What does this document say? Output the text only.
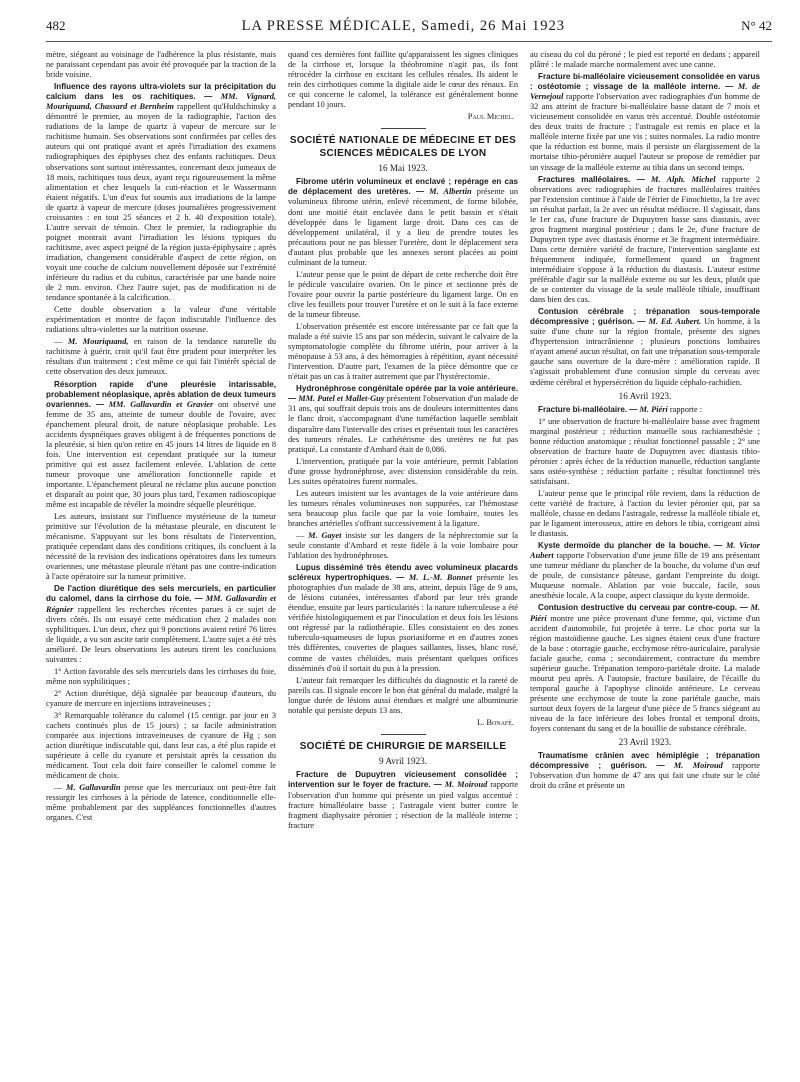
482	LA PRESSE MÉDICALE, Samedi, 26 Mai 1923	N° 42

mètre, siégeant au voisinage de l'adhérence la plus résistante, mais ne paraissant cependant pas avoir été provoquée par la traction de la bride voisine.

Influence des rayons ultra-violets sur la précipitation du calcium dans les os rachitiques. — MM. Vignard, Mouriquand, Chassard et Bernheim rappellent qu'Huldschinsky a démontré le premier, au moyen de la radiographie, l'action des radiations de la lampe de quartz à vapeur de mercure sur le rachitisme humain. Ses observations sont confirmées par celles des auteurs qui ont pratiqué avant et après l'irradiation des examens radiographiques des épiphyses chez des enfants rachitiques. Deux observations sont surtout intéressantes, concernant deux jumeaux de 18 mois, rachitiques tous deux, ayant reçu rigoureusement la même alimentation et chez lesquels la cuti-réaction et le Wassermann étaient négatifs. L'un d'eux fut soumis aux irradiations de la lampe de quartz à vapeur de mercure (doses journalières progressivement croissantes : en tout 25 séances et 2 h. 40 d'exposition totale). L'autre servait de témoin. Chez le premier, la radiographie du poignet montrait avant l'irradiation les lésions typiques du rachitisme, avec aspect peigné de la région juxta-épiphysaire ; après irradiation, changement considérable d'aspect de cette région, on voyait une couche de calcium nouvellement déposée sur l'extrémité inférieure du radius et du cubitus, caractérisée par une bande noire de 2 mm. environ. Chez l'autre sujet, pas de modification ni de tendance spontanée à la calcification.

Cette double observation a la valeur d'une véritable expérimentation et montre de façon indiscutable l'influence des radiations ultra-violettes sur la nutrition osseuse.

— M. Mouriquand, en raison de la tendance naturelle du rachitisme à guérir, croit qu'il faut être prudent pour interpréter les résultats d'un traitement ; c'est même ce qui fait l'intérêt spécial de cette observation des deux jumeaux.

Résorption rapide d'une pleurésie intarissable, probablement néoplasique, après ablation de deux tumeurs ovariennes. — MM. Gallavardin et Gravier ont observé une femme de 35 ans, atteinte de tumeur double de l'ovaire, avec épanchement pleural droit, de nature néoplasique probable. Les accidents dyspnéiques graves obligent à de fréquentes ponctions de la pleurésie, si bien qu'on retire en 45 jours 14 litres de liquide en 8 fois. Une intervention est cependant pratiquée sur la tumeur primitive qui est assez facilement enlevée. L'ablation de cette tumeur provoque une amélioration fonctionnelle rapide et importante. L'épanchement pleural ne réclame plus aucune ponction et disparaît au point que, 30 jours plus tard, l'examen radioscopique même est incapable de révéler la moindre séquelle pleurétique.

Les auteurs, insistant sur l'influence mystérieuse de la tumeur primitive sur l'évolution de la métastase pleurale, en discutent le mécanisme. S'appuyant sur les bons résultats de l'intervention, pratiquée cependant dans des conditions critiques, ils concluent à la nécessité de la revision des indications opératoires dans les tumeurs ovariennes, une métastase pleurale n'étant pas une contre-indication à l'acte opératoire sur la tumeur primitive.

De l'action diurétique des sels mercuriels, en particulier du calomel, dans la cirrhose du foie. — MM. Gallavardin et Régnier rappellent les recherches récentes parues à ce sujet de divers côtés. Ils ont essayé cette médication chez 2 malades non syphilitiques. L'un deux, chez qui 9 ponctions avaient retiré 76 litres de liquide, a vu son ascite tarir complètement. L'autre sujet a été très amélioré. De leurs observations les auteurs tirent les conclusions suivantes :

1° Action favorable des sels mercuriels dans les cirrhoses du foie, même non syphilitiques ;

2° Action diurétique, déjà signalée par beaucoup d'auteurs, du cyanure de mercure en injections intraveineuses ;

3° Remarquable tolérance du calomel (15 centigr. par jour en 3 cachets continués plus de 15 jours) ; sa facile administration comparée aux injections intraveineuses de cyanure de Hg ; son action diurétique indiscutable qui, dans leur cas, a été plus rapide et supérieure à celle du cyanure et persistait après la cessation du médicament. Tout cela doit faire conseiller le calomel comme le médicament de choix.

— M. Gallavardin pense que les mercuriaux ont peut-être fait ressurgir les cirrhoses à la période de latence, conditionnelle elle-même probablement par des suppléances fonctionnelles d'autres organes. C'est

quand ces dernières font faillite qu'apparaissent les signes cliniques de la cirrhose et, lorsque la théobromine n'agit pas, ils font rétrocéder la cirrhose en excitant les cellules rénales. Ils aident le rein des cirrhotiques comme la digitale aide le cœur des rénaux. En ce qui concerne le calomel, la tolérance est généralement bonne pendant 10 jours.

Paul Michel.
SOCIÉTÉ NATIONALE DE MÉDECINE ET DES SCIENCES MÉDICALES DE LYON
16 Mai 1923.

Fibrome utérin volumineux et enclavé ; repérage en cas de déplacement des uretères. — M. Albertin présente un volumineux fibrome utérin, enlevé récemment, de forme bilobée, dont une moitié était enclavée dans le petit bassin et s'était développée dans le ligament large droit. Dans ces cas de développement unilatéral, il y a lieu de prendre toutes les précautions pour ne pas blesser l'uretère, dont le déplacement sera d'autant plus probable que les annexes seront placées au point culminant de la tumeur.

L'auteur pense que le point de départ de cette recherche doit être le pédicule vasculaire ovarien. On le pince et sectionne près de l'ovaire pour ouvrir la partie postérieure du ligament large. On en clive les feuillets pour trouver l'uretère et on le suit à la face externe de la tumeur fibreuse.

L'observation présentée est encore intéressante par ce fait que la malade a été suivie 15 ans par son médecin, suivant le calvaire de la symptomatologie complète du fibrome utérin, pour arriver à la ménopause à 53 ans, à des hémorragies à répétition, ayant nécessité l'intervention. D'autre part, l'examen de la pièce démontre que ce n'était pas un cas à traiter autrement que par l'hystérectomie.

Hydronéphrose congénitale opérée par la voie antérieure. — MM. Patel et Mallet-Guy présentent l'observation d'un malade de 31 ans, qui souffrait depuis trois ans de douleurs intermittentes dans le flanc droit, s'accompagnant d'une tuméfaction laquelle semblait disparaître dans l'intervalle des crises et présentait tous les caractères des tumeurs rénales. Le cathétérisme des uretères ne fut pas pratiqué. La constante d'Ambard était de 0,086.

L'intervention, pratiquée par la voie antérieure, permit l'ablation d'une grosse hydronéphrose, avec distension considérable du rein. Les suites opératoires furent normales.

Les auteurs insistent sur les avantages de la voie antérieure dans les tumeurs rénales volumineuses non suppurées, car l'hémostase sera beaucoup plus facile que par la voie lombaire, toutes les branches artérielles s'offrant successivement à la ligature.

— M. Gayet insiste sur les dangers de la néphrectomie sur la seule constante d'Ambard et reste fidèle à la voie lombaire pour l'ablation des hydronéphroses.

Lupus disséminé très étendu avec volumineux placards scléreux hypertrophiques. — M. L.-M. Bonnet présente les photographies d'un malade de 38 ans, atteint, depuis l'âge de 9 ans, de lésions cutanées, intéressantes d'abord par leur très grande étendue, ensuite par leurs particularités : la nature tuberculeuse a été vérifiée histologiquement et par l'inoculation et deux fois les lésions ont régressé par la radiothérapie. Elles consistaient en des zones tuberculo-squameuses de lupus psoriasiforme et en d'autres zones très différentes, couvertes de plaques saillantes, lisses, blanc rosé, comme de vastes chéloïdes, mais présentant quelques orifices disséminés d'où il sortait du pus à la pression.

L'auteur fait remarquer les difficultés du diagnostic et la rareté de pareils cas. Il signale encore le bon état général du malade, malgré la longue durée de lésions aussi étendues et malgré une albuminurie notable qui persiste depuis 13 ans.

L. Bonafé.
SOCIÉTÉ DE CHIRURGIE DE MARSEILLE
9 Avril 1923.

Fracture de Dupuytren vicieusement consolidée ; intervention sur le foyer de fracture. — M. Moiroud rapporte l'observation d'un homme qui présente un pied valgus accentué : fracture bimalléolaire basse ; l'astragale vient butter contre le fragment diaphysaire péronier ; résection de la malléole interne ; fracture

au ciseau du col du péroné ; le pied est reporté en dedans ; appareil plâtré : le malade marche normalement avec une canne.

Fracture bi-malléolaire vicieusement consolidée en varus : ostéotomie ; vissage de la malléole interne. — M. de Vernejoul rapporte l'observation avec radiographies d'un homme de 32 ans atteint de fracture bi-malléolaire basse datant de 7 mois et vicieusement consolidée en varus très accentué. Double ostéotomie des deux traits de fracture ; l'astragale est remis en place et la malléole interne fixée par une vis ; suites normales. La radio montre que la réduction est bonne, mais il persiste un élargissement de la mortaise tibio-péronière auquel l'auteur se propose de remédier par un vissage de la malléole externe au tibia dans un second temps.

Fractures malléolaires. — M. Alph. Michel rapporte 2 observations avec radiographies de fractures malléolaires traitées par l'extension continue à l'aide de l'étrier de Finochietto, la 1re avec un résultat parfait, la 2e avec un résultat médiocre. Il s'agissait, dans le 1er cas, d'une fracture de Dupuytren basse sans diastasis, avec gros fragment marginal postérieur ; dans le 2e, d'une fracture de Dupuytren type avec diastasis énorme et 3e fragment intermédiaire. Dans cette dernière variété de fracture, l'intervention sanglante est fréquemment indiquée, formellement quand un fragment intermédiaire s'oppose à la réduction du diastasis. L'auteur estime préférable d'agir sur la malléole externe ou sur les deux, plutôt que de se contenter du vissage de la seule malléole tibiale, insuffisant dans bien des cas.

Contusion cérébrale ; trépanation sous-temporale décompressive ; guérison. — M. Ed. Aubert. Un homme, à la suite d'une chute sur la région frontale, présente des signes d'hypertension intracrânienne ; plusieurs ponctions lombaires n'ayant amené aucun résultat, on fait une trépanation sous-temporale gauche sans ouverture de la dure-mère : amélioration rapide. Il s'agissait probablement d'une contusion simple du cerveau avec œdème cérébral et hypersécrétion du liquide céphalo-rachidien.

16 Avril 1923.

Fracture bi-malléolaire. — M. Piéri rapporte :

1° une observation de fracture bi-malléolaire basse avec fragment marginal postérieur ; réduction manuelle sous rachianesthésie ; bonne réduction anatomique ; résultat fonctionnel passable ; 2° une observation de fracture haute de Dupuytren avec diastasis tibio-péronier : après échec de la réduction manuelle, réduction sanglante sans ostéo-synthèse ; réduction parfaite ; résultat fonctionnel très satisfaisant.

L'auteur pense que le principal rôle revient, dans la réduction de cette variété de fracture, à l'action du levier péronier qui, par sa malléole, chasse en dedans l'astragale, redresse la malléole tibiale et, par le ligament interosseux, attire en dehors le tibia, corrigeant ainsi le diastasis.

Kyste dermoïde du plancher de la bouche. — M. Victor Aubert rapporte l'observation d'une jeune fille de 19 ans présentant une tumeur médiane du plancher de la bouche, du volume d'un œuf de poule, de consistance pâteuse, gardant l'empreinte du doigt. Muqueuse normale. Ablation par voie buccale, facile, sous anesthésie locale. A la coupe, aspect classique du kyste dermoïde.

Contusion destructive du cerveau par contre-coup. — M. Piéri montre une pièce provenant d'une femme, qui, victime d'un accident d'automobile, fut projetée à terre. Le choc porta sur la région mastoïdienne gauche. Les signes étaient ceux d'une fracture de la base : otorragie gauche, ecchymose rétro-auriculaire, paralysie faciale gauche, coma ; secondairement, contracture du membre supérieur gauche. Trépanation temporo-pariétale droite. La malade mourut peu après. A l'autopsie, fracture basilaire, de l'écaille du temporal gauche à l'apophyse clinoïde antérieure. Le cerveau présente une ecchymose de toute la zone pariétale gauche, mais surtout deux foyers de la largeur d'une pièce de 5 francs siégeant au niveau de la face inférieure des lobes frontal et temporal droits, foyers contenant du sang et de la bouillie de substance cérébrale.

23 Avril 1923.

Traumatisme crânien avec hémiplégie ; trépanation décompressive ; guérison. — M. Moiroud rapporte l'observation d'un homme de 47 ans qui fait une chute sur le côté droit du crâne et présente un
